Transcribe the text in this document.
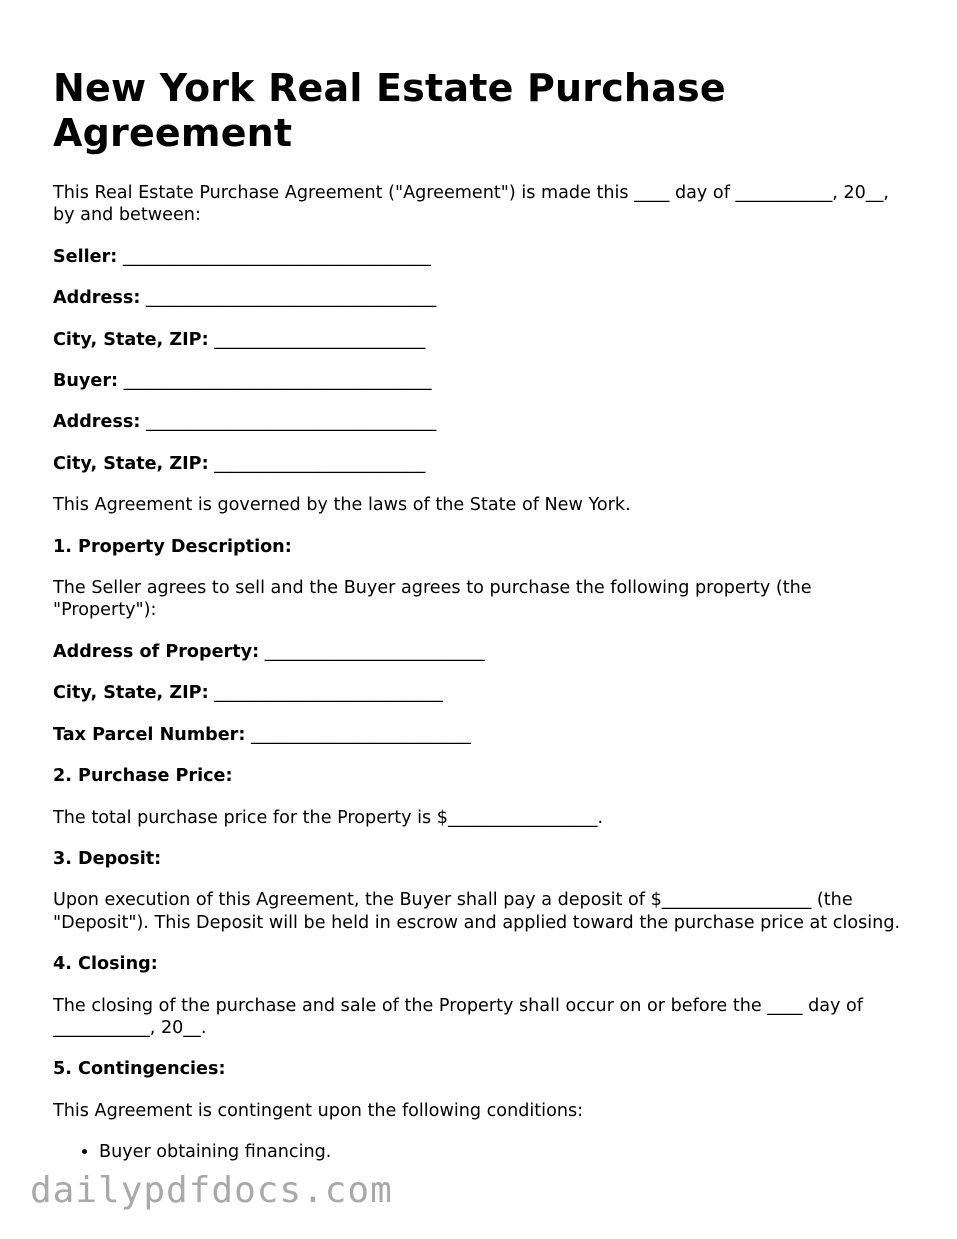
New York Real Estate Purchase Agreement

This Real Estate Purchase Agreement ("Agreement") is made this ____ day of ___________, 20__, by and between:

Seller: ___________________________________

Address: _________________________________

City, State, ZIP: ________________________

Buyer: ___________________________________

Address: _________________________________

City, State, ZIP: ________________________

This Agreement is governed by the laws of the State of New York.

1. Property Description:

The Seller agrees to sell and the Buyer agrees to purchase the following property (the "Property"):

Address of Property: _________________________

City, State, ZIP: __________________________

Tax Parcel Number: _________________________

2. Purchase Price:

The total purchase price for the Property is $_________________.

3. Deposit:

Upon execution of this Agreement, the Buyer shall pay a deposit of $_________________ (the "Deposit"). This Deposit will be held in escrow and applied toward the purchase price at closing.

4. Closing:

The closing of the purchase and sale of the Property shall occur on or before the ____ day of ___________, 20__.

5. Contingencies:

This Agreement is contingent upon the following conditions:

• Buyer obtaining financing.
dailypdfdocs.com
